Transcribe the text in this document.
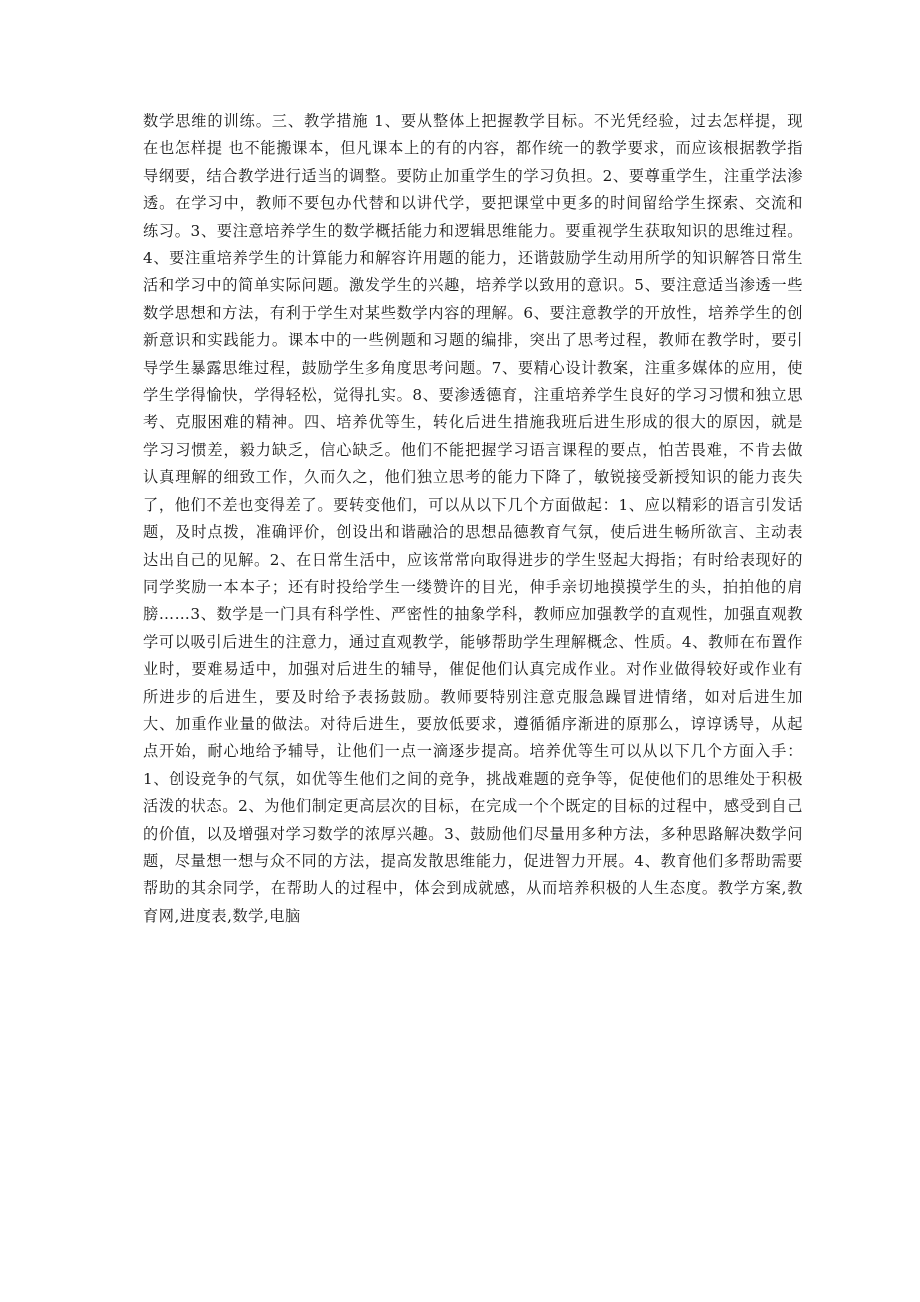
数学思维的训练。三、教学措施 1、要从整体上把握教学目标。不光凭经验，过去怎样提，现在也怎样提 也不能搬课本，但凡课本上的有的内容，都作统一的教学要求，而应该根据教学指导纲要，结合教学进行适当的调整。要防止加重学生的学习负担。2、要尊重学生，注重学法渗透。在学习中，教师不要包办代替和以讲代学，要把课堂中更多的时间留给学生探索、交流和练习。3、要注意培养学生的数学概括能力和逻辑思维能力。要重视学生获取知识的思维过程。4、要注重培养学生的计算能力和解容许用题的能力，还谐鼓励学生动用所学的知识解答日常生活和学习中的简单实际问题。激发学生的兴趣，培养学以致用的意识。5、要注意适当渗透一些数学思想和方法，有利于学生对某些数学内容的理解。6、要注意教学的开放性，培养学生的创新意识和实践能力。课本中的一些例题和习题的编排，突出了思考过程，教师在教学时，要引导学生暴露思维过程，鼓励学生多角度思考问题。7、要精心设计教案，注重多媒体的应用，使学生学得愉快，学得轻松，觉得扎实。8、要渗透德育，注重培养学生良好的学习习惯和独立思考、克服困难的精神。四、培养优等生，转化后进生措施我班后进生形成的很大的原因，就是学习习惯差，毅力缺乏，信心缺乏。他们不能把握学习语言课程的要点，怕苦畏难，不肯去做认真理解的细致工作，久而久之，他们独立思考的能力下降了，敏锐接受新授知识的能力丧失了，他们不差也变得差了。要转变他们，可以从以下几个方面做起：1、应以精彩的语言引发话题，及时点拨，准确评价，创设出和谐融洽的思想品德教育气氛，使后进生畅所欲言、主动表达出自己的见解。2、在日常生活中，应该常常向取得进步的学生竖起大拇指；有时给表现好的同学奖励一本本子；还有时投给学生一缕赞许的目光，伸手亲切地摸摸学生的头，拍拍他的肩膀……3、数学是一门具有科学性、严密性的抽象学科，教师应加强教学的直观性，加强直观教学可以吸引后进生的注意力，通过直观教学，能够帮助学生理解概念、性质。4、教师在布置作业时，要难易适中，加强对后进生的辅导，催促他们认真完成作业。对作业做得较好或作业有所进步的后进生，要及时给予表扬鼓励。教师要特别注意克服急躁冒进情绪，如对后进生加大、加重作业量的做法。对待后进生，要放低要求，遵循循序渐进的原那么，谆谆诱导，从起点开始，耐心地给予辅导，让他们一点一滴逐步提高。培养优等生可以从以下几个方面入手：1、创设竞争的气氛，如优等生他们之间的竞争，挑战难题的竞争等，促使他们的思维处于积极活泼的状态。2、为他们制定更高层次的目标，在完成一个个既定的目标的过程中，感受到自己的价值，以及增强对学习数学的浓厚兴趣。3、鼓励他们尽量用多种方法，多种思路解决数学问题，尽量想一想与众不同的方法，提高发散思维能力，促进智力开展。4、教育他们多帮助需要帮助的其余同学，在帮助人的过程中，体会到成就感，从而培养积极的人生态度。教学方案,教育网,进度表,数学,电脑
